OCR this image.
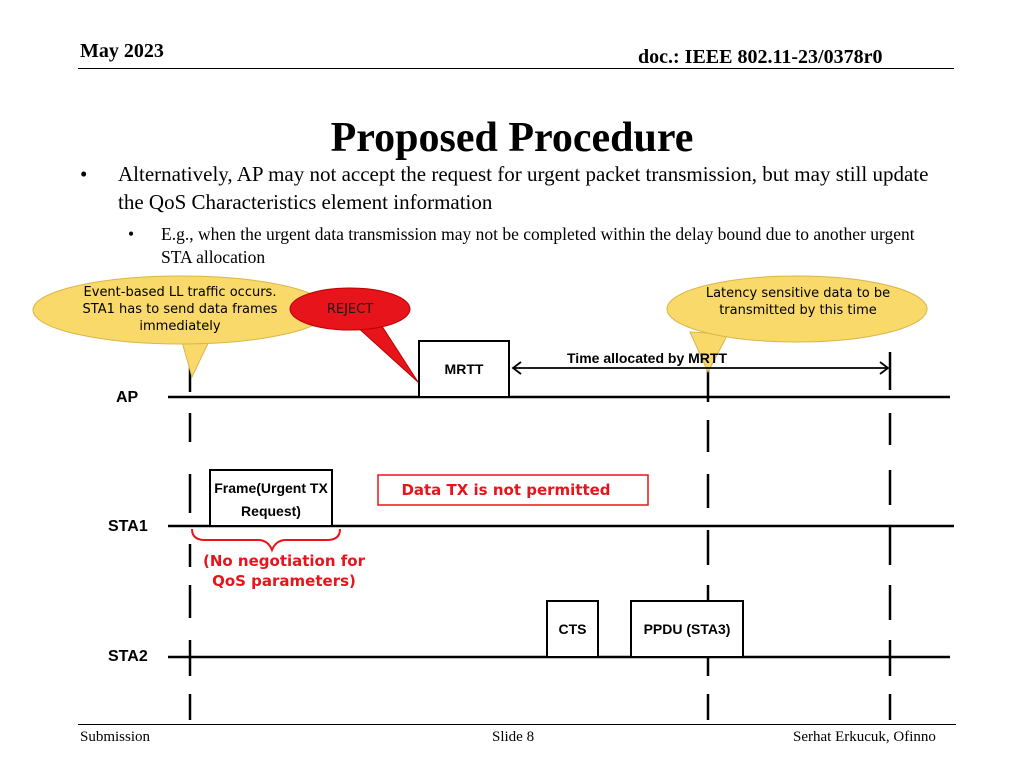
May 2023	doc.: IEEE 802.11-23/0378r0
Proposed Procedure
• Alternatively, AP may not accept the request for urgent packet transmission, but may still update the QoS Characteristics element information
• E.g., when the urgent data transmission may not be completed within the delay bound due to another urgent STA allocation
Event-based LL traffic occurs. STA1 has to send data frames immediately
REJECT
Latency sensitive data to be transmitted by this time
MRTT
Time allocated by MRTT
Frame(Urgent TX Request)
Data TX is not permitted
(No negotiation for QoS parameters)
CTS	PPDU (STA3)
AP
STA1
STA2
Submission	Slide 8	Serhat Erkucuk, Ofinno
